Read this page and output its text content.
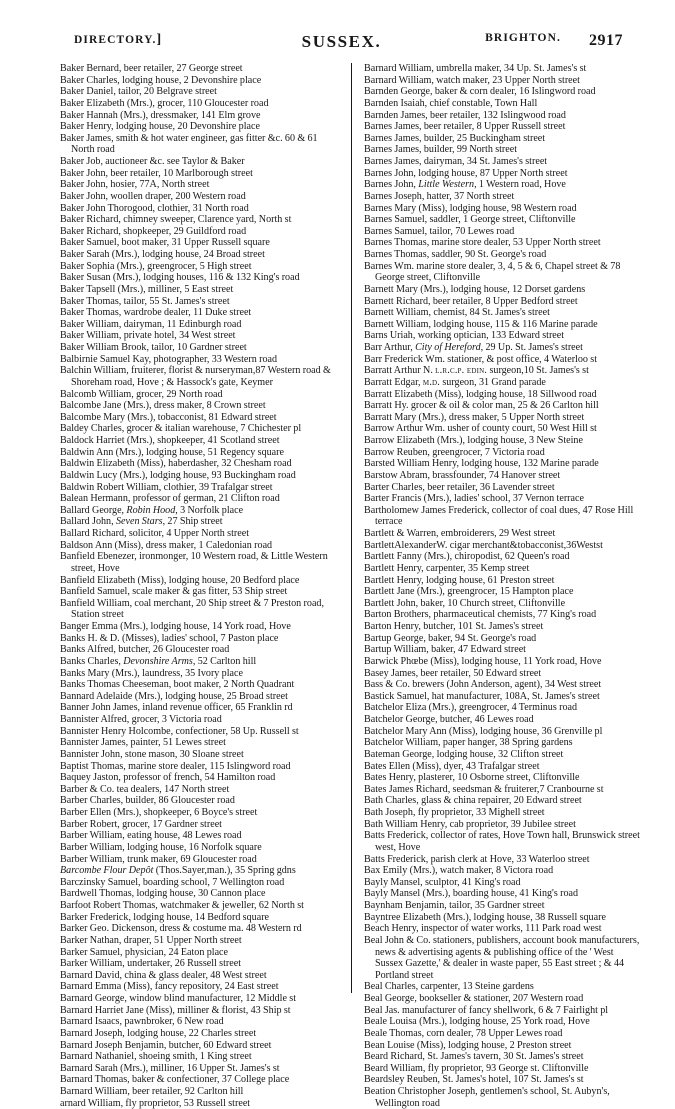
DIRECTORY.]	SUSSEX.	BRIGHTON. 2917

Baker Bernard, beer retailer, 27 George street

Baker Charles, lodging house, 2 Devonshire place

Baker Daniel, tailor, 20 Belgrave street

Baker Elizabeth (Mrs.), grocer, 110 Gloucester road

Baker Hannah (Mrs.), dressmaker, 141 Elm grove

Baker Henry, lodging house, 20 Devonshire place

Baker James, smith & hot water engineer, gas fitter &c. 60 & 61 North road

Baker Job, auctioneer &c. see Taylor & Baker

Baker John, beer retailer, 10 Marlborough street

Baker John, hosier, 77A, North street

Baker John, woollen draper, 200 Western road

Baker John Thorogood, clothier, 31 North road

Baker Richard, chimney sweeper, Clarence yard, North st

Baker Richard, shopkeeper, 29 Guildford road

Baker Samuel, boot maker, 31 Upper Russell square

Baker Sarah (Mrs.), lodging house, 24 Broad street

Baker Sophia (Mrs.), greengrocer, 5 High street

Baker Susan (Mrs.), lodging houses, 116 & 132 King's road

Baker Tapsell (Mrs.), milliner, 5 East street

Baker Thomas, tailor, 55 St. James's street

Baker Thomas, wardrobe dealer, 11 Duke street

Baker William, dairyman, 11 Edinburgh road

Baker William, private hotel, 34 West street

Baker William Brook, tailor, 10 Gardner street

Balbirnie Samuel Kay, photographer, 33 Western road

Balchin William, fruiterer, florist & nurseryman,87 Western road & Shoreham road, Hove ; & Hassock's gate, Keymer

Balcomb William, grocer, 29 North road

Balcombe Jane (Mrs.), dress maker, 8 Crown street

Balcombe Mary (Mrs.), tobacconist, 81 Edward street

Baldey Charles, grocer & italian warehouse, 7 Chichester pl

Baldock Harriet (Mrs.), shopkeeper, 41 Scotland street

Baldwin Ann (Mrs.), lodging house, 51 Regency square

Baldwin Elizabeth (Miss), haberdasher, 32 Chesham road

Baldwin Lucy (Mrs.), lodging house, 93 Buckingham road

Baldwin Robert William, clothier, 39 Trafalgar street

Balean Hermann, professor of german, 21 Clifton road

Ballard George, Robin Hood, 3 Norfolk place

Ballard John, Seven Stars, 27 Ship street

Ballard Richard, solicitor, 4 Upper North street

Baldson Ann (Miss), dress maker, 1 Caledonian road

Banfield Ebenezer, ironmonger, 10 Western road, & Little Western street, Hove

Banfield Elizabeth (Miss), lodging house, 20 Bedford place

Banfield Samuel, scale maker & gas fitter, 53 Ship street

Banfield William, coal merchant, 20 Ship street & 7 Preston road, Station street

Banger Emma (Mrs.), lodging house, 14 York road, Hove

Banks H. & D. (Misses), ladies' school, 7 Paston place

Banks Alfred, butcher, 26 Gloucester road

Banks Charles, Devonshire Arms, 52 Carlton hill

Banks Mary (Mrs.), laundress, 35 Ivory place

Banks Thomas Cheeseman, boot maker, 2 North Quadrant

Bannard Adelaide (Mrs.), lodging house, 25 Broad street

Banner John James, inland revenue officer, 65 Franklin rd

Bannister Alfred, grocer, 3 Victoria road

Bannister Henry Holcombe, confectioner, 58 Up. Russell st

Bannister James, painter, 51 Lewes street

Bannister John, stone mason, 30 Sloane street

Baptist Thomas, marine store dealer, 115 Islingword road

Baquey Jaston, professor of french, 54 Hamilton road

Barber & Co. tea dealers, 147 North street

Barber Charles, builder, 86 Gloucester road

Barber Ellen (Mrs.), shopkeeper, 6 Boyce's street

Barber Robert, grocer, 17 Gardner street

Barber William, eating house, 48 Lewes road

Barber William, lodging house, 16 Norfolk square

Barber William, trunk maker, 69 Gloucester road

Barcombe Flour Depôt (Thos.Sayer,man.), 35 Spring gdns

Barczinsky Samuel, boarding school, 7 Wellington road

Bardwell Thomas, lodging house, 30 Cannon place

Barfoot Robert Thomas, watchmaker & jeweller, 62 North st

Barker Frederick, lodging house, 14 Bedford square

Barker Geo. Dickenson, dress & costume ma. 48 Western rd

Barker Nathan, draper, 51 Upper North street

Barker Samuel, physician, 24 Eaton place

Barker William, undertaker, 26 Russell street

Barnard David, china & glass dealer, 48 West street

Barnard Emma (Miss), fancy repository, 24 East street

Barnard George, window blind manufacturer, 12 Middle st

Barnard Harriet Jane (Miss), milliner & florist, 43 Ship st

Barnard Isaacs, pawnbroker, 6 New road

Barnard Joseph, lodging house, 22 Charles street

Barnard Joseph Benjamin, butcher, 60 Edward street

Barnard Nathaniel, shoeing smith, 1 King street

Barnard Sarah (Mrs.), milliner, 16 Upper St. James's st

Barnard Thomas, baker & confectioner, 37 College place

Barnard William, beer retailer, 92 Carlton hill

arnard William, fly proprietor, 53 Russell street

Barnard William, umbrella maker, 34 Up. St. James's st

Barnard William, watch maker, 23 Upper North street

Barnden George, baker & corn dealer, 16 Islingword road

Barnden Isaiah, chief constable, Town Hall

Barnden James, beer retailer, 132 Islingwood road

Barnes James, beer retailer, 8 Upper Russell street

Barnes James, builder, 25 Buckingham street

Barnes James, builder, 99 North street

Barnes James, dairyman, 34 St. James's street

Barnes John, lodging house, 87 Upper North street

Barnes John, Little Western, 1 Western road, Hove

Barnes Joseph, hatter, 37 North street

Barnes Mary (Miss), lodging house, 98 Western road

Barnes Samuel, saddler, 1 George street, Cliftonville

Barnes Samuel, tailor, 70 Lewes road

Barnes Thomas, marine store dealer, 53 Upper North street

Barnes Thomas, saddler, 90 St. George's road

Barnes Wm. marine store dealer, 3, 4, 5 & 6, Chapel street & 78 George street, Cliftonville

Barnett Mary (Mrs.), lodging house, 12 Dorset gardens

Barnett Richard, beer retailer, 8 Upper Bedford street

Barnett William, chemist, 84 St. James's street

Barnett William, lodging house, 115 & 116 Marine parade

Barns Uriah, working optician, 133 Edward street

Barr Arthur, City of Hereford, 29 Up. St. James's street

Barr Frederick Wm. stationer, & post office, 4 Waterloo st

Barratt Arthur N. l.r.c.p. edin. surgeon,10 St. James's st

Barratt Edgar, m.d. surgeon, 31 Grand parade

Barratt Elizabeth (Miss), lodging house, 18 Sillwood road

Barratt Hy. grocer & oil & color man, 25 & 26 Carlton hill

Barratt Mary (Mrs.), dress maker, 5 Upper North street

Barrow Arthur Wm. usher of county court, 50 West Hill st

Barrow Elizabeth (Mrs.), lodging house, 3 New Steine

Barrow Reuben, greengrocer, 7 Victoria road

Barsted William Henry, lodging house, 132 Marine parade

Barstow Abram, brassfounder, 74 Hanover street

Barter Charles, beer retailer, 36 Lavender street

Barter Francis (Mrs.), ladies' school, 37 Vernon terrace

Bartholomew James Frederick, collector of coal dues, 47 Rose Hill terrace

Bartlett & Warren, embroiderers, 29 West street

BartlettAlexanderW. cigar merchant&tobacconist,36Westst

Bartlett Fanny (Mrs.), chiropodist, 62 Queen's road

Bartlett Henry, carpenter, 35 Kemp street

Bartlett Henry, lodging house, 61 Preston street

Bartlett Jane (Mrs.), greengrocer, 15 Hampton place

Bartlett John, baker, 10 Church street, Cliftonville

Barton Brothers, pharmaceutical chemists, 77 King's road

Barton Henry, butcher, 101 St. James's street

Bartup George, baker, 94 St. George's road

Bartup William, baker, 47 Edward street

Barwick Phœbe (Miss), lodging house, 11 York road, Hove

Basey James, beer retailer, 50 Edward street

Bass & Co. brewers (John Anderson, agent), 34 West street

Bastick Samuel, hat manufacturer, 108A, St. James's street

Batchelor Eliza (Mrs.), greengrocer, 4 Terminus road

Batchelor George, butcher, 46 Lewes road

Batchelor Mary Ann (Miss), lodging house, 36 Grenville pl

Batchelor William, paper hanger, 38 Spring gardens

Bateman George, lodging house, 32 Clifton street

Bates Ellen (Miss), dyer, 43 Trafalgar street

Bates Henry, plasterer, 10 Osborne street, Cliftonville

Bates James Richard, seedsman & fruiterer,7 Cranbourne st

Bath Charles, glass & china repairer, 20 Edward street

Bath Joseph, fly proprietor, 33 Mighell street

Bath William Henry, cab proprietor, 39 Jubilee street

Batts Frederick, collector of rates, Hove Town hall, Brunswick street west, Hove

Batts Frederick, parish clerk at Hove, 33 Waterloo street

Bax Emily (Mrs.), watch maker, 8 Victora road

Bayly Mansel, sculptor, 41 King's road

Bayly Mansel (Mrs.), boarding house, 41 King's road

Baynham Benjamin, tailor, 35 Gardner street

Bayntree Elizabeth (Mrs.), lodging house, 38 Russell square

Beach Henry, inspector of water works, 111 Park road west

Beal John & Co. stationers, publishers, account book manufacturers, news & advertising agents & publishing office of the ' West Sussex Gazette,' & dealer in waste paper, 55 East street ; & 44 Portland street

Beal Charles, carpenter, 13 Steine gardens

Beal George, bookseller & stationer, 207 Western road

Beal Jas. manufacturer of fancy shellwork, 6 & 7 Fairlight pl

Beale Louisa (Mrs.), lodging house, 25 York road, Hove

Beale Thomas, corn dealer, 78 Upper Lewes road

Bean Louise (Miss), lodging house, 2 Preston street

Beard Richard, St. James's tavern, 30 St. James's street

Beard William, fly proprietor, 93 George st. Cliftonville

Beardsley Reuben, St. James's hotel, 107 St. James's st

Beation Christopher Joseph, gentlemen's school, St. Aubyn's, Wellington road
